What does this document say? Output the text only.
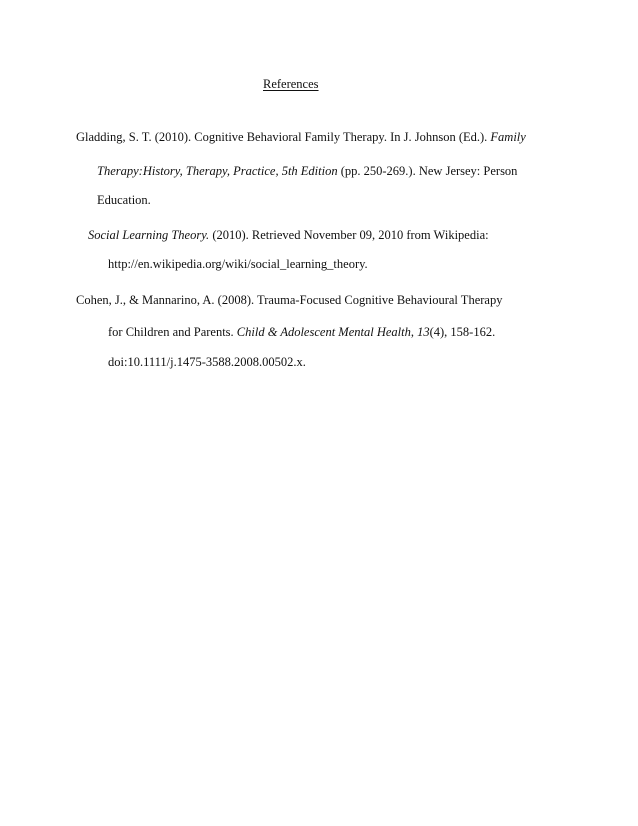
References
Gladding, S. T. (2010). Cognitive Behavioral Family Therapy. In J. Johnson (Ed.). Family
Therapy:History, Therapy, Practice, 5th Edition (pp. 250-269.). New Jersey: Person
Education.
Social Learning Theory. (2010). Retrieved November 09, 2010 from Wikipedia:
http://en.wikipedia.org/wiki/social_learning_theory.
Cohen, J., & Mannarino, A. (2008). Trauma-Focused Cognitive Behavioural Therapy
for Children and Parents. Child & Adolescent Mental Health, 13(4), 158-162.
doi:10.1111/j.1475-3588.2008.00502.x.
